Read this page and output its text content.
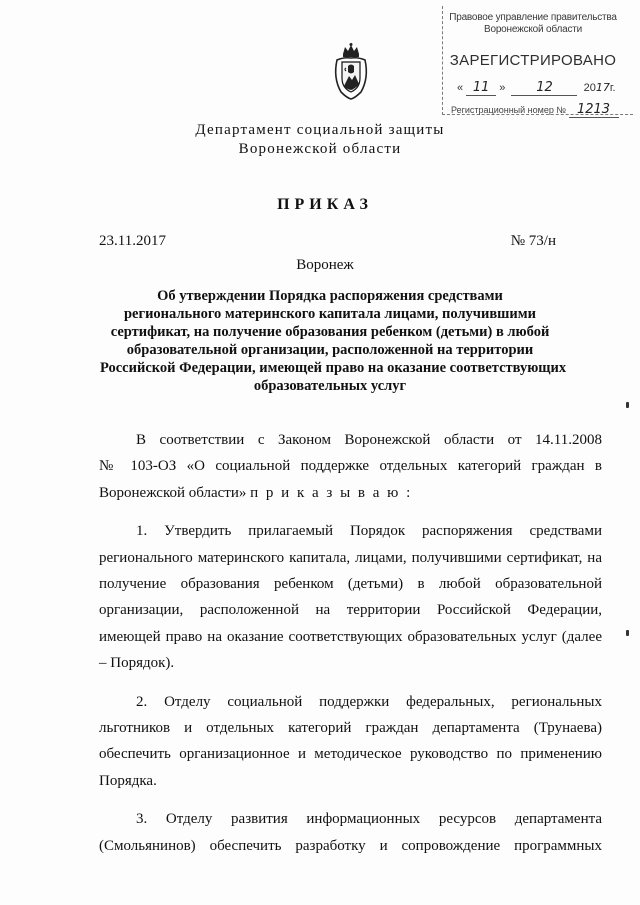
Правовое управление правительства
Воронежской области
ЗАРЕГИСТРИРОВАНО
« 11 »  12	2017г.
Регистрационный номер № 1213
Департамент социальной защиты
Воронежской области
ПРИКАЗ
23.11.2017	№ 73/н
Воронеж
Об утверждении Порядка распоряжения средствами
регионального материнского капитала лицами, получившими
сертификат, на получение образования ребенком (детьми) в любой
образовательной организации, расположенной на территории
Российской Федерации, имеющей право на оказание соответствующих
образовательных услуг

В соответствии с Законом Воронежской области от 14.11.2008
№ 103-ОЗ «О социальной поддержке отдельных категорий граждан в
Воронежской области» п р и к а з ы в а ю :

1. Утвердить прилагаемый Порядок распоряжения средствами
регионального материнского капитала, лицами, получившими сертификат, на
получение образования ребенком (детьми) в любой образовательной
организации, расположенной на территории Российской Федерации,
имеющей право на оказание соответствующих образовательных услуг (далее
– Порядок).

2. Отделу социальной поддержки федеральных, региональных
льготников и отдельных категорий граждан департамента (Трунаева)
обеспечить организационное и методическое руководство по применению
Порядка.

3. Отделу развития информационных ресурсов департамента
(Смольянинов) обеспечить разработку и сопровождение программных
